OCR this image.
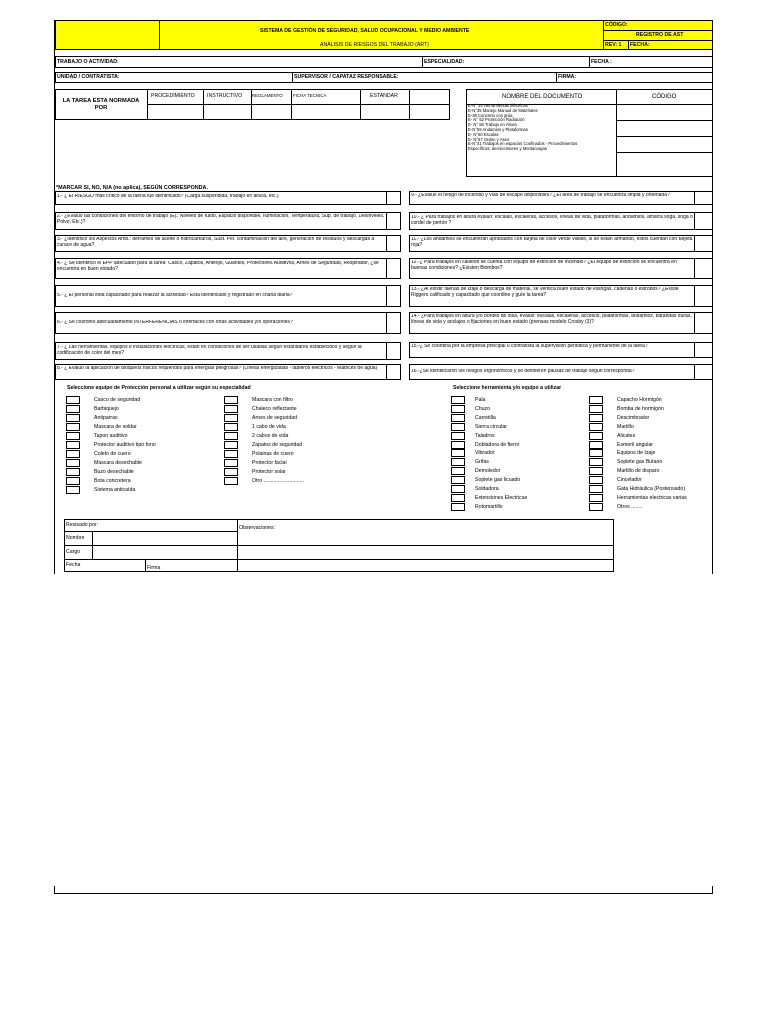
SISTEMA DE GESTIÓN DE SEGURIDAD, SALUD OCUPACIONAL Y MEDIO AMBIENTE
ANÁLISIS DE RIESGOS DEL TRABAJO (ART)
CÓDIGO:
REGISTRO DE AST
REV: 1 FECHA:
TRABAJO O ACTIVIDAD:	ESPECIALIDAD:	FECHA :
UNIDAD / CONTRATISTA:	SUPERVISOR / CAPATAZ RESPONSABLE:	FIRMA:
LA TAREA ESTA NORMADA POR
PROCEDIMIENTO INSTRUCTIVO REGLAMENTO FICHA TECNICA	ESTANDAR	NOMBRE DEL DOCUMENTO	CÓDIGO
E-N° 34 Herramientas eléctricas
E-N°35 Manejo Manual de Materiales
E-36 Concreto con grúa
E- N° 52 Protección Radiación
E- N° 58 Trabajo en Altura
E-N°59 Andamios y Plataformas
E- N°60 Escalas
E- N°67 Orden y Aseo
E-N°41 Trabajos en espacios Confinados - Procedimientos
Específicos, deAscensores y Montacargas
*MARCAR SI, NO, N/A (no aplica), SEGÚN CORRESPONDA.
1.- ¿ El RIESGO más crítico de la faena fue identificado? (Carga suspendida, trabajo en altura, etc.)
2.- ¿Evaluó las condiciones del entorno de trabajo (Ej.: Niveles de ruido, Espacio disponible, Iluminación, Temperatura, Sup. de trabajo, Desniveles, Polvo, Etc.)?
3.- ¿Identificó los Aspectos Amb.: derrames de aceite o hidrocarburos, Sust. Pel. contaminación del aire, generación de residuos y descargas a curace de agua?
4.- ¿ Se identificó el EPP adecuado para la tarea: Casco, Zapatos, Anteojo, Guantes, Protectores Auditivos, Arnés de Seguridad, Respirador, ¿se encuentra en buen estado?
5.- ¿ El personal está capacitado para realizar la actividad? Está identificado y registrado en charla diaria?
6.- ¿ Se coordinó adecuadamente INTERFERENCIAS o interfaces con otras actividades y/o operaciones?
7.- ¿ Las herramientas, equipos e instalaciones eléctricas, están en condiciones de ser usadas según estándares establecidos y según la codificación de color del mes?
8.- ¿ Evaluó la aplicación de bloqueos físicos requeridos para energías peligrosas? (Líneas energizadas - tableros eléctricos - Matrices de agua)
9.- ¿Evaluó el riesgo de incendio y vías de escape disponibles? ¿El área de trabajo se encuentra limpia y ordenada?
10.- ¿ Para trabajos en altura evaluó: escalas, escaleras, accesos, líneas de vida, plataformas, andamios, amarra soga, soga o cordel de pertón ?
11.- ¿Los andamios se encuentran aprobados con tarjeta de color verde visible, si se están armando, éstos cuentan con tarjeta roja?
12.-¿ Para trabajos en caliente se cuenta con equipo de extinción de incendio? ¿El equipo de extinción se encuentra en buenas condiciones? ¿Existen Biombos?
13.- ¿Al existir faenas de Izaje o descarga de material, se verifica buen estado de eslingas, cadenas o estrobos? ¿Existe Riggers calificado y capacitado que coordine y guíe la tarea?
14.- ¿Para trabajos en altura y/o bordes de losa, evaluó: escalas, escaleras, accesos, plataformas, andamios, barandas duras, líneas de vida y anclajes o fijaciones en buen estado (prensas modelo Crosby (3)?
15.-¿ Se coordina por la empresa principal u contratista la supervisión periódica y permanente de la tarea?
16.-¿Se identificaron los riesgos ergonomicos y se definieron pausas de trabajo según corresponda?
Seleccione equipo de Protección personal a utilizar según su especialidad	Seleccione herramienta y/o equipo a utilizar
Casco de seguridad
Barbiquejo
Antiparras
Mascara de soldar
Tapon auditivo
Protector auditivo tipo fono
Coleto de cuero
Mascara desechable
Buzo desechable
Bota concretera
Sistema anticaída
Mascara con filtro
Chaleco reflectante
Arnes de seguridad
1 cabo de vida
2 cabos de vida
Zapatos de seguridad
Polainas de cuero
Protector facial
Protector solar
Otro ............................
Pala
Chuzo
Carretilla
Sierra circular
Taladros
Dobladora de fierro
Vibrador
Grifas
Demoledor
Soplete gas licuado
Soldadora
Extensiones Electricas
Rotomartillo
Capacho Hormigón
Bomba de hormigón
Descimbrador
Martillo
Alicates
Esmeril angular
Equipos de Izaje
Soplete gas Butano
Martillo de disparo
Cincelador
Gata Hidráulica (Postensado)
Herramientas electricas varias
Otros ........
Revisado por:	Observaciones:
Nombre
Cargo
Fecha	Firma
